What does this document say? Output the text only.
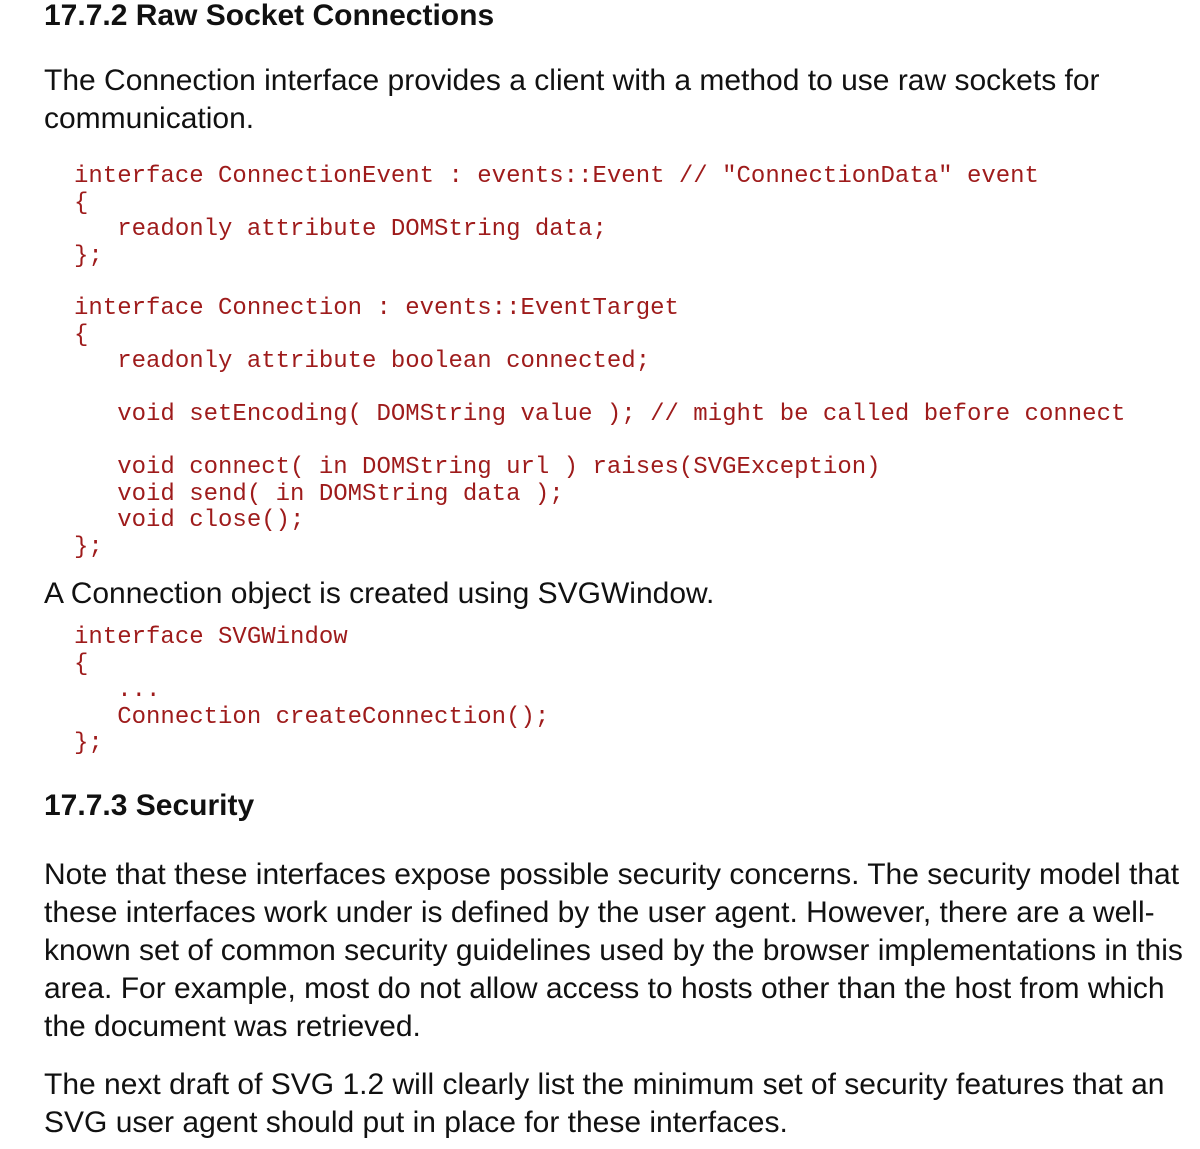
17.7.2 Raw Socket Connections

The Connection interface provides a client with a method to use raw sockets for communication.

interface ConnectionEvent : events::Event // "ConnectionData" event
{
readonly attribute DOMString data;
};
interface Connection : events::EventTarget
{
readonly attribute boolean connected;

void setEncoding( DOMString value ); // might be called before connect

void connect( in DOMString url ) raises(SVGException)
void send( in DOMString data );
void close();
};

A Connection object is created using SVGWindow.

interface SVGWindow
{
...
Connection createConnection();
};
17.7.3 Security

Note that these interfaces expose possible security concerns. The security model that these interfaces work under is defined by the user agent. However, there are a well-known set of common security guidelines used by the browser implementations in this area. For example, most do not allow access to hosts other than the host from which the document was retrieved.

The next draft of SVG 1.2 will clearly list the minimum set of security features that an SVG user agent should put in place for these interfaces.
